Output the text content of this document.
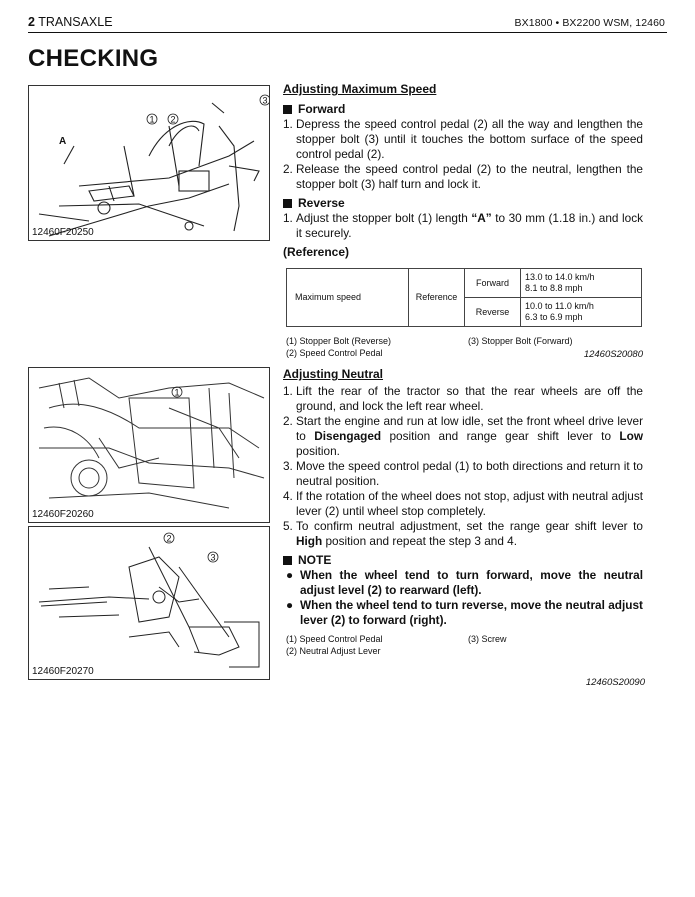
2 TRANSAXLE	BX1800 • BX2200 WSM, 12460
CHECKING
1 2
3
A
12460F20250
1
12460F20260
2
3
12460F20270
Adjusting Maximum Speed
Forward
1. Depress the speed control pedal (2) all the way and lengthen the stopper bolt (3) until it touches the bottom surface of the speed control pedal (2).
2. Release the speed control pedal (2) to the neutral, lengthen the stopper bolt (3) half turn and lock it.
Reverse
1. Adjust the stopper bolt (1) length “A” to 30 mm (1.18 in.) and lock it securely.
(Reference)
Maximum speed	Reference	Forward	13.0 to 14.0 km/h
8.1 to 8.8 mph
		Reverse	10.0 to 11.0 km/h
6.3 to 6.9 mph
(1) Stopper Bolt (Reverse)
(2) Speed Control Pedal
(3) Stopper Bolt (Forward)
12460S20080
Adjusting Neutral
1. Lift the rear of the tractor so that the rear wheels are off the ground, and lock the left rear wheel.
2. Start the engine and run at low idle, set the front wheel drive lever to Disengaged position and range gear shift lever to Low position.
3. Move the speed control pedal (1) to both directions and return it to neutral position.
4. If the rotation of the wheel does not stop, adjust with neutral adjust lever (2) until wheel stop completely.
5. To confirm neutral adjustment, set the range gear shift lever to High position and repeat the step 3 and 4.
NOTE
● When the wheel tend to turn forward, move the neutral adjust level (2) to rearward (left).
● When the wheel tend to turn reverse, move the neutral adjust lever (2) to forward (right).
(1) Speed Control Pedal
(2) Neutral Adjust Lever
(3) Screw
12460S20090
